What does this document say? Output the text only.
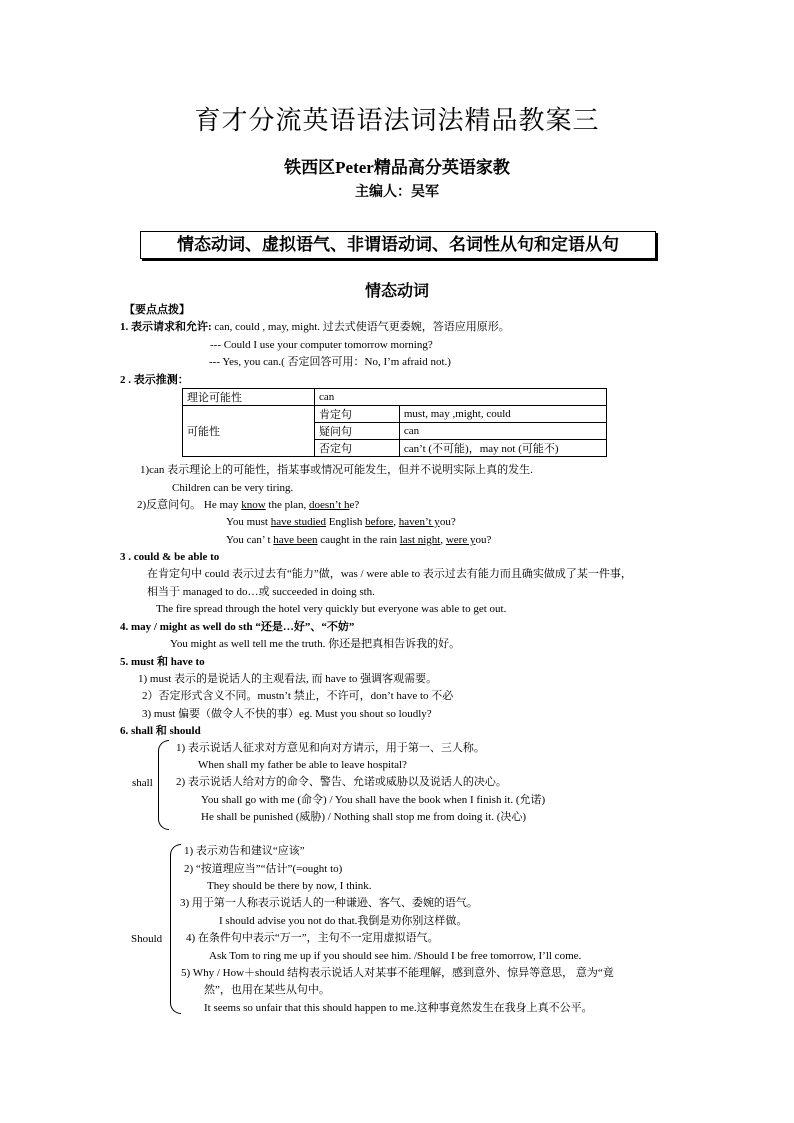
育才分流英语语法词法精品教案三
铁西区Peter精品高分英语家教
主编人：吴军
情态动词、虚拟语气、非谓语动词、名词性从句和定语从句
情态动词
【要点点拨】
1. 表示请求和允许: can, could , may, might. 过去式使语气更委婉，答语应用原形。
--- Could I use your computer tomorrow morning?
--- Yes, you can.( 否定回答可用：No, I’m afraid not.)
2 . 表示推测：
理论可能性	can	
可能性	肯定句	must, may ,might, could
	疑问句	can
	否定句	can’t (不可能)，may not (可能不)
1)can 表示理论上的可能性，指某事或情况可能发生，但并不说明实际上真的发生.
Children can be very tiring.
2)反意问句。 He may know the plan, doesn’t he?
You must have studied English before, haven’t you?
You can’ t have been caught in the rain last night, were you?
3 . could & be able to
在肯定句中 could 表示过去有“能力”做，was / were able to 表示过去有能力而且确实做成了某一件事，
相当于 managed to do…或 succeeded in doing sth.
The fire spread through the hotel very quickly but everyone was able to get out.
4. may / might as well do sth “还是…好”、“不妨”
You might as well tell me the truth. 你还是把真相告诉我的好。
5. must 和 have to
1) must 表示的是说话人的主观看法, 而 have to 强调客观需要。
2）否定形式含义不同。mustn’t 禁止，不许可，don’t have to 不必
3) must 偏要（做令人不快的事）eg. Must you shout so loudly?
6. shall 和 should
shall
1) 表示说话人征求对方意见和向对方请示，用于第一、三人称。
When shall my father be able to leave hospital?
2) 表示说话人给对方的命令、警告、允诺或威胁以及说话人的决心。
You shall go with me (命令) / You shall have the book when I finish it. (允诺)
He shall be punished (威胁) / Nothing shall stop me from doing it. (决心)
Should
1) 表示劝告和建议“应该”
2) “按道理应当”“估计”(=ought to)
They should be there by now, I think.
3) 用于第一人称表示说话人的一种谦逊、客气、委婉的语气。
I should advise you not do that.我倒是劝你别这样做。
4) 在条件句中表示“万一”，主句不一定用虚拟语气。
Ask Tom to ring me up if you should see him. /Should I be free tomorrow, I’ll come.
5) Why / How＋should 结构表示说话人对某事不能理解，感到意外、惊异等意思， 意为“竟
然”，也用在某些从句中。
It seems so unfair that this should happen to me.这种事竟然发生在我身上真不公平。
